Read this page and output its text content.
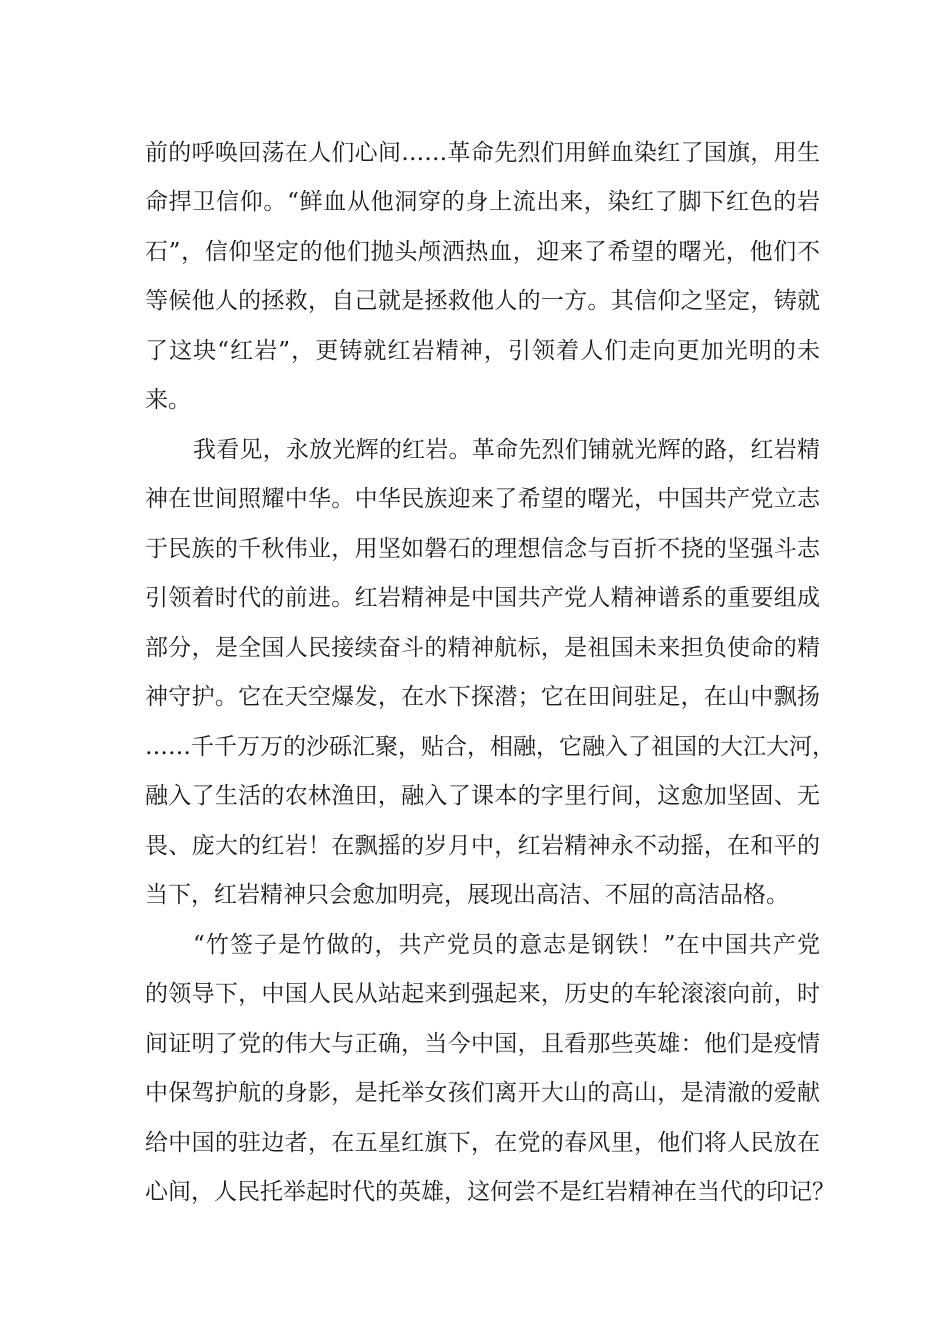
前的呼唤回荡在人们心间……革命先烈们用鲜血染红了国旗，用生
命捍卫信仰。“鲜血从他洞穿的身上流出来，染红了脚下红色的岩
石”，信仰坚定的他们抛头颅洒热血，迎来了希望的曙光，他们不
等候他人的拯救，自己就是拯救他人的一方。其信仰之坚定，铸就
了这块“红岩”，更铸就红岩精神，引领着人们走向更加光明的未
来。
我看见，永放光辉的红岩。革命先烈们铺就光辉的路，红岩精
神在世间照耀中华。中华民族迎来了希望的曙光，中国共产党立志
于民族的千秋伟业，用坚如磐石的理想信念与百折不挠的坚强斗志
引领着时代的前进。红岩精神是中国共产党人精神谱系的重要组成
部分，是全国人民接续奋斗的精神航标，是祖国未来担负使命的精
神守护。它在天空爆发，在水下探潜；它在田间驻足，在山中飘扬
……千千万万的沙砾汇聚，贴合，相融，它融入了祖国的大江大河，
融入了生活的农林渔田，融入了课本的字里行间，这愈加坚固、无
畏、庞大的红岩！在飘摇的岁月中，红岩精神永不动摇，在和平的
当下，红岩精神只会愈加明亮，展现出高洁、不屈的高洁品格。
“竹签子是竹做的，共产党员的意志是钢铁！”在中国共产党
的领导下，中国人民从站起来到强起来，历史的车轮滚滚向前，时
间证明了党的伟大与正确，当今中国，且看那些英雄：他们是疫情
中保驾护航的身影，是托举女孩们离开大山的高山，是清澈的爱献
给中国的驻边者，在五星红旗下，在党的春风里，他们将人民放在
心间，人民托举起时代的英雄，这何尝不是红岩精神在当代的印记？
